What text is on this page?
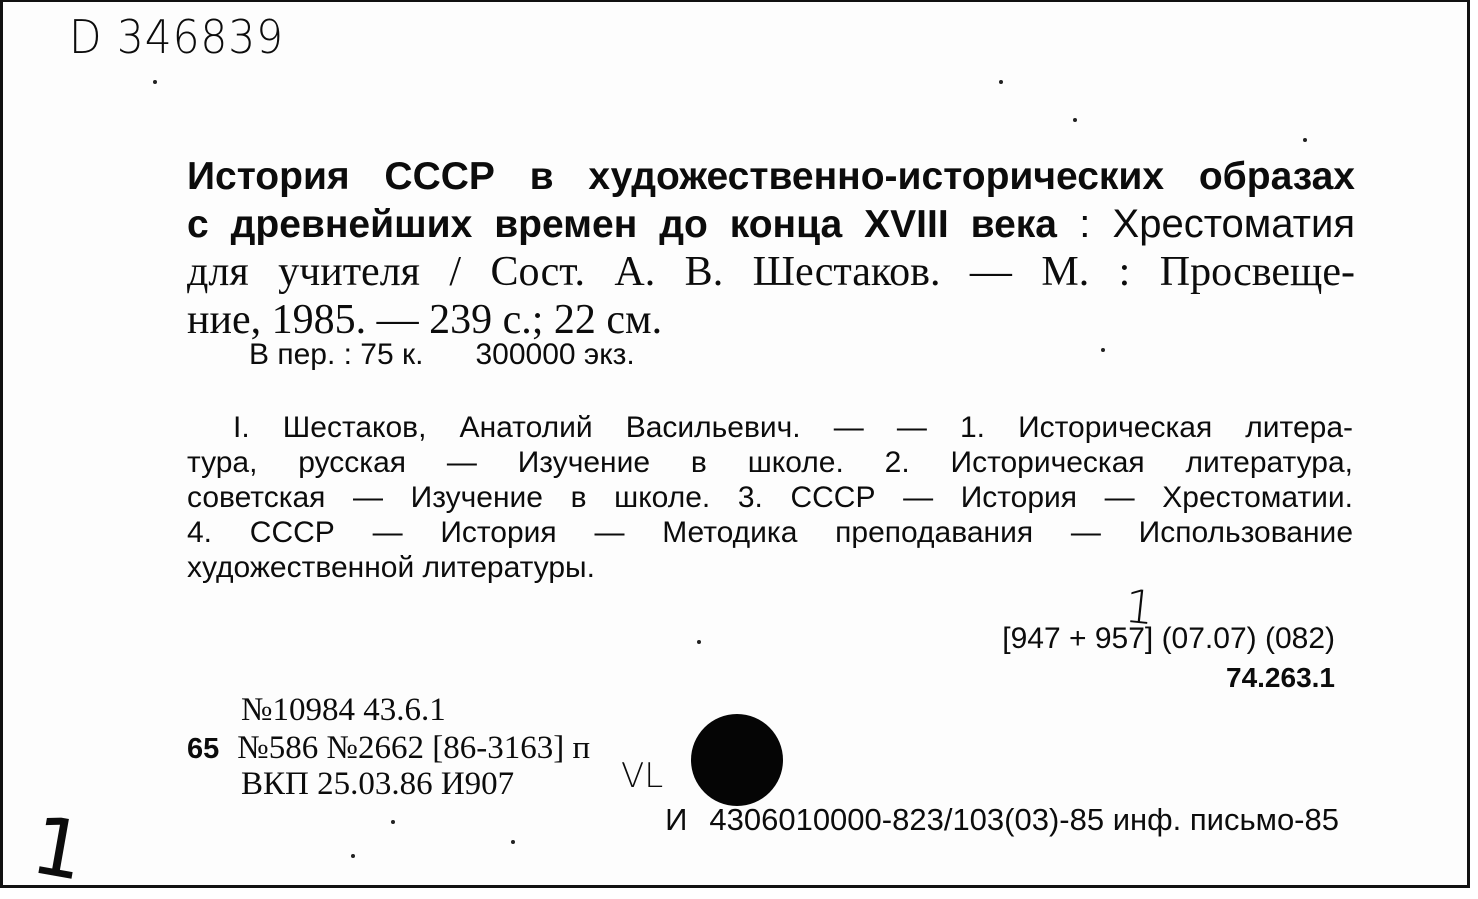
D 346839
История СССР в художественно-исторических образах
с древнейших времен до конца XVIII века : Хрестоматия
для учителя / Сост. А. В. Шестаков. — М. : Просвеще-
ние, 1985. — 239 с.; 22 см.
В пер. : 75 к. 300000 экз.
I. Шестаков, Анатолий Васильевич. — — 1. Историческая литера-
тура, русская — Изучение в школе. 2. Историческая литература,
советская — Изучение в школе. 3. СССР — История — Хрестоматии.
4. СССР — История — Методика преподавания — Использование
художественной литературы.
1
[947 + 957] (07.07) (082)
74.263.1
№10984 43.6.1
65 №586 №2662 [86-3163] п
ВКП 25.03.86 И907	VL
И 4306010000-823/103(03)-85 инф. письмо-85
1
